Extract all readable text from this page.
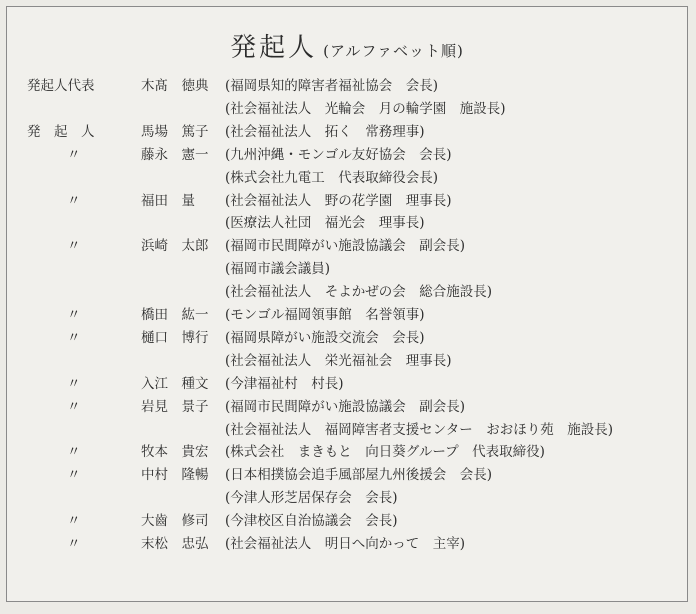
発起人 (アルファベット順)
発起人代表	木髙　徳典	(福岡県知的障害者福祉協会　会長)
(社会福祉法人　光輪会　月の輪学園　施設長)
発　起　人	馬場　篤子	(社会福祉法人　拓く　常務理事)
〃	藤永　憲一	(九州沖縄・モンゴル友好協会　会長)
(株式会社九電工　代表取締役会長)
〃	福田　量	(社会福祉法人　野の花学園　理事長)
(医療法人社団　福光会　理事長)
〃	浜崎　太郎	(福岡市民間障がい施設協議会　副会長)
(福岡市議会議員)
(社会福祉法人　そよかぜの会　総合施設長)
〃	橋田　紘一	(モンゴル福岡領事館　名誉領事)
〃	樋口　博行	(福岡県障がい施設交流会　会長)
(社会福祉法人　栄光福祉会　理事長)
〃	入江　種文	(今津福祉村　村長)
〃	岩見　景子	(福岡市民間障がい施設協議会　副会長)
(社会福祉法人　福岡障害者支援センター　おおほり苑　施設長)
〃	牧本　貴宏	(株式会社　まきもと　向日葵グループ　代表取締役)
〃	中村　隆暢	(日本相撲協会追手風部屋九州後援会　会長)
(今津人形芝居保存会　会長)
〃	大齒　修司	(今津校区自治協議会　会長)
〃	末松　忠弘	(社会福祉法人　明日へ向かって　主宰)
